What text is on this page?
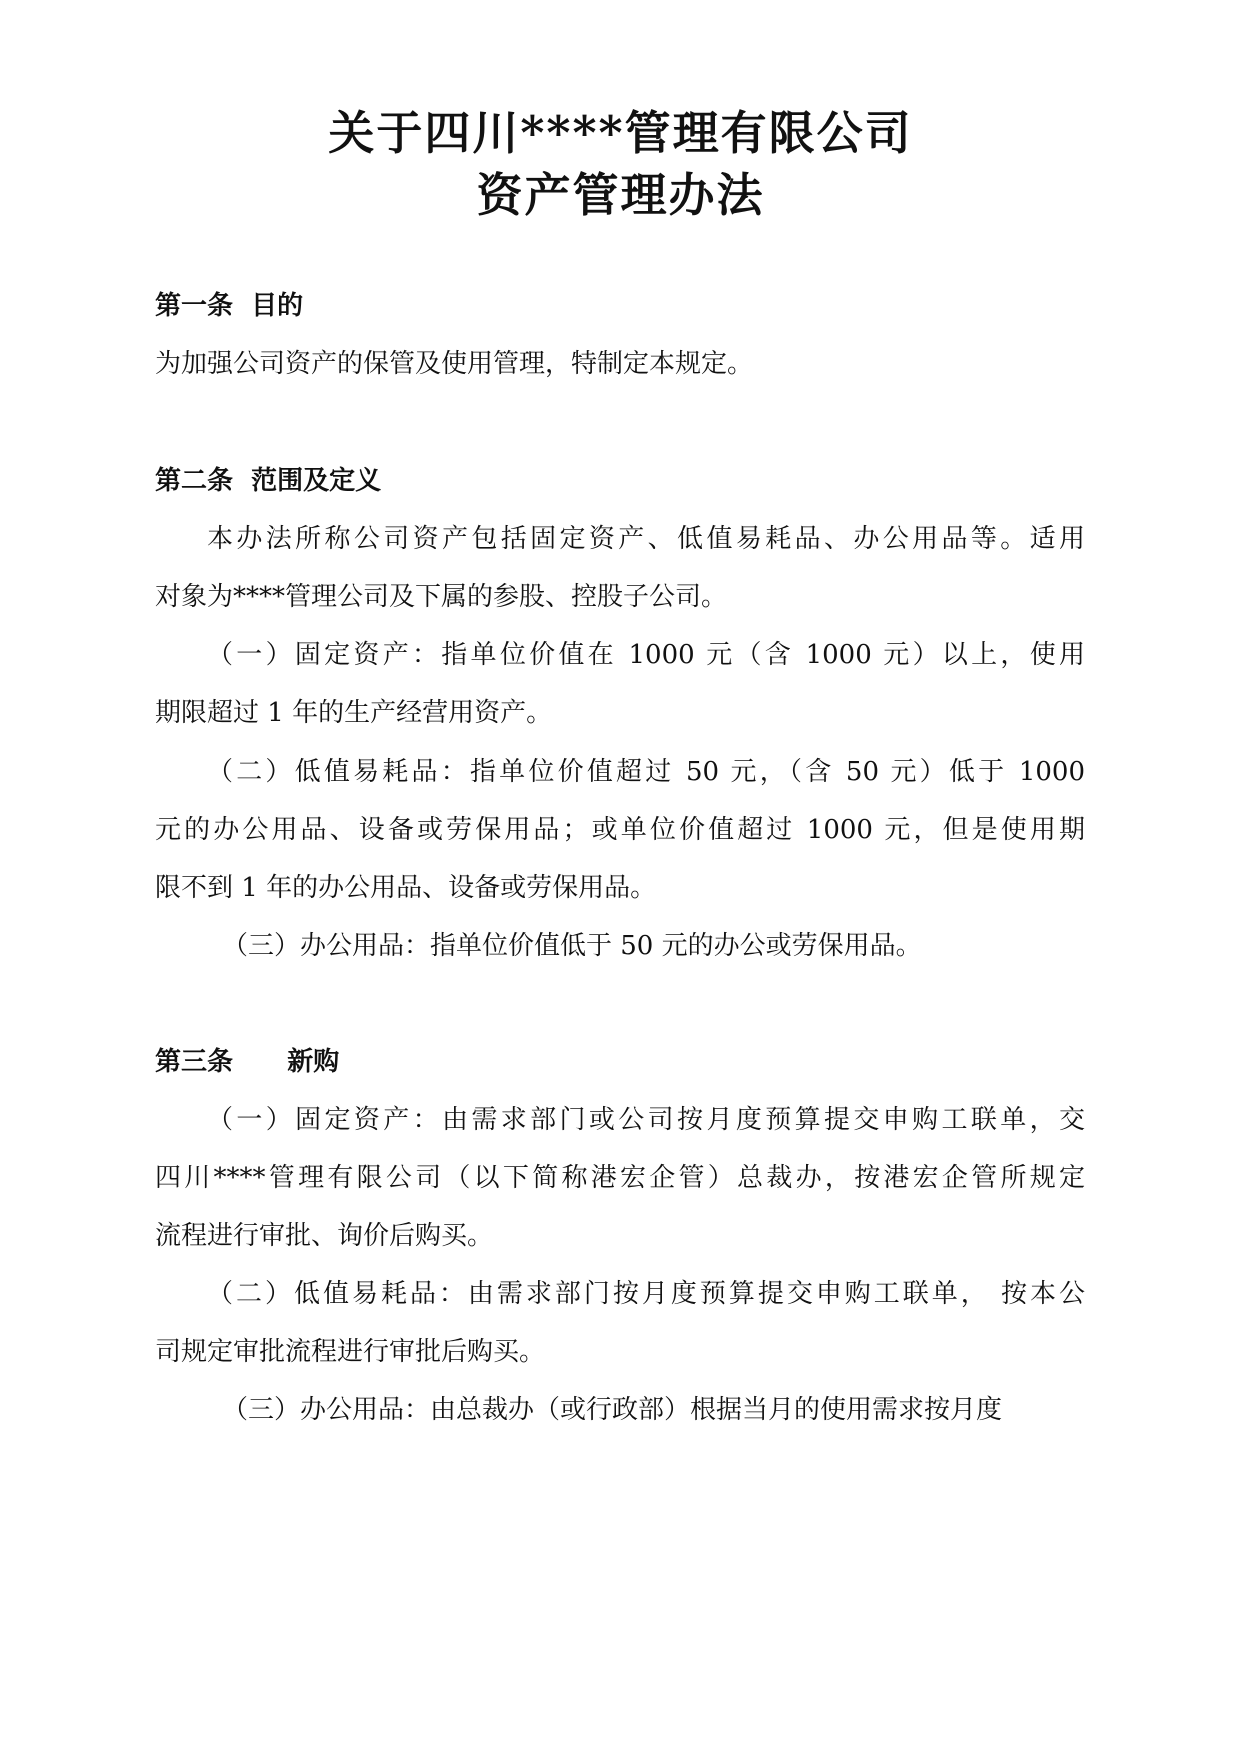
关于四川****管理有限公司
资产管理办法
第一条  目的
为加强公司资产的保管及使用管理，特制定本规定。
第二条  范围及定义
本办法所称公司资产包括固定资产、低值易耗品、办公用品等。适用
对象为****管理公司及下属的参股、控股子公司。
（一）固定资产：指单位价值在 1000 元（含 1000 元）以上，使用
期限超过 1 年的生产经营用资产。
（二）低值易耗品：指单位价值超过 50 元，（含 50 元）低于 1000
元的办公用品、设备或劳保用品；或单位价值超过 1000 元，但是使用期
限不到 1 年的办公用品、设备或劳保用品。
（三）办公用品：指单位价值低于 50 元的办公或劳保用品。
第三条      新购
（一）固定资产：由需求部门或公司按月度预算提交申购工联单，交
四川****管理有限公司（以下简称港宏企管）总裁办，按港宏企管所规定
流程进行审批、询价后购买。
（二）低值易耗品：由需求部门按月度预算提交申购工联单， 按本公
司规定审批流程进行审批后购买。
（三）办公用品：由总裁办（或行政部）根据当月的使用需求按月度
